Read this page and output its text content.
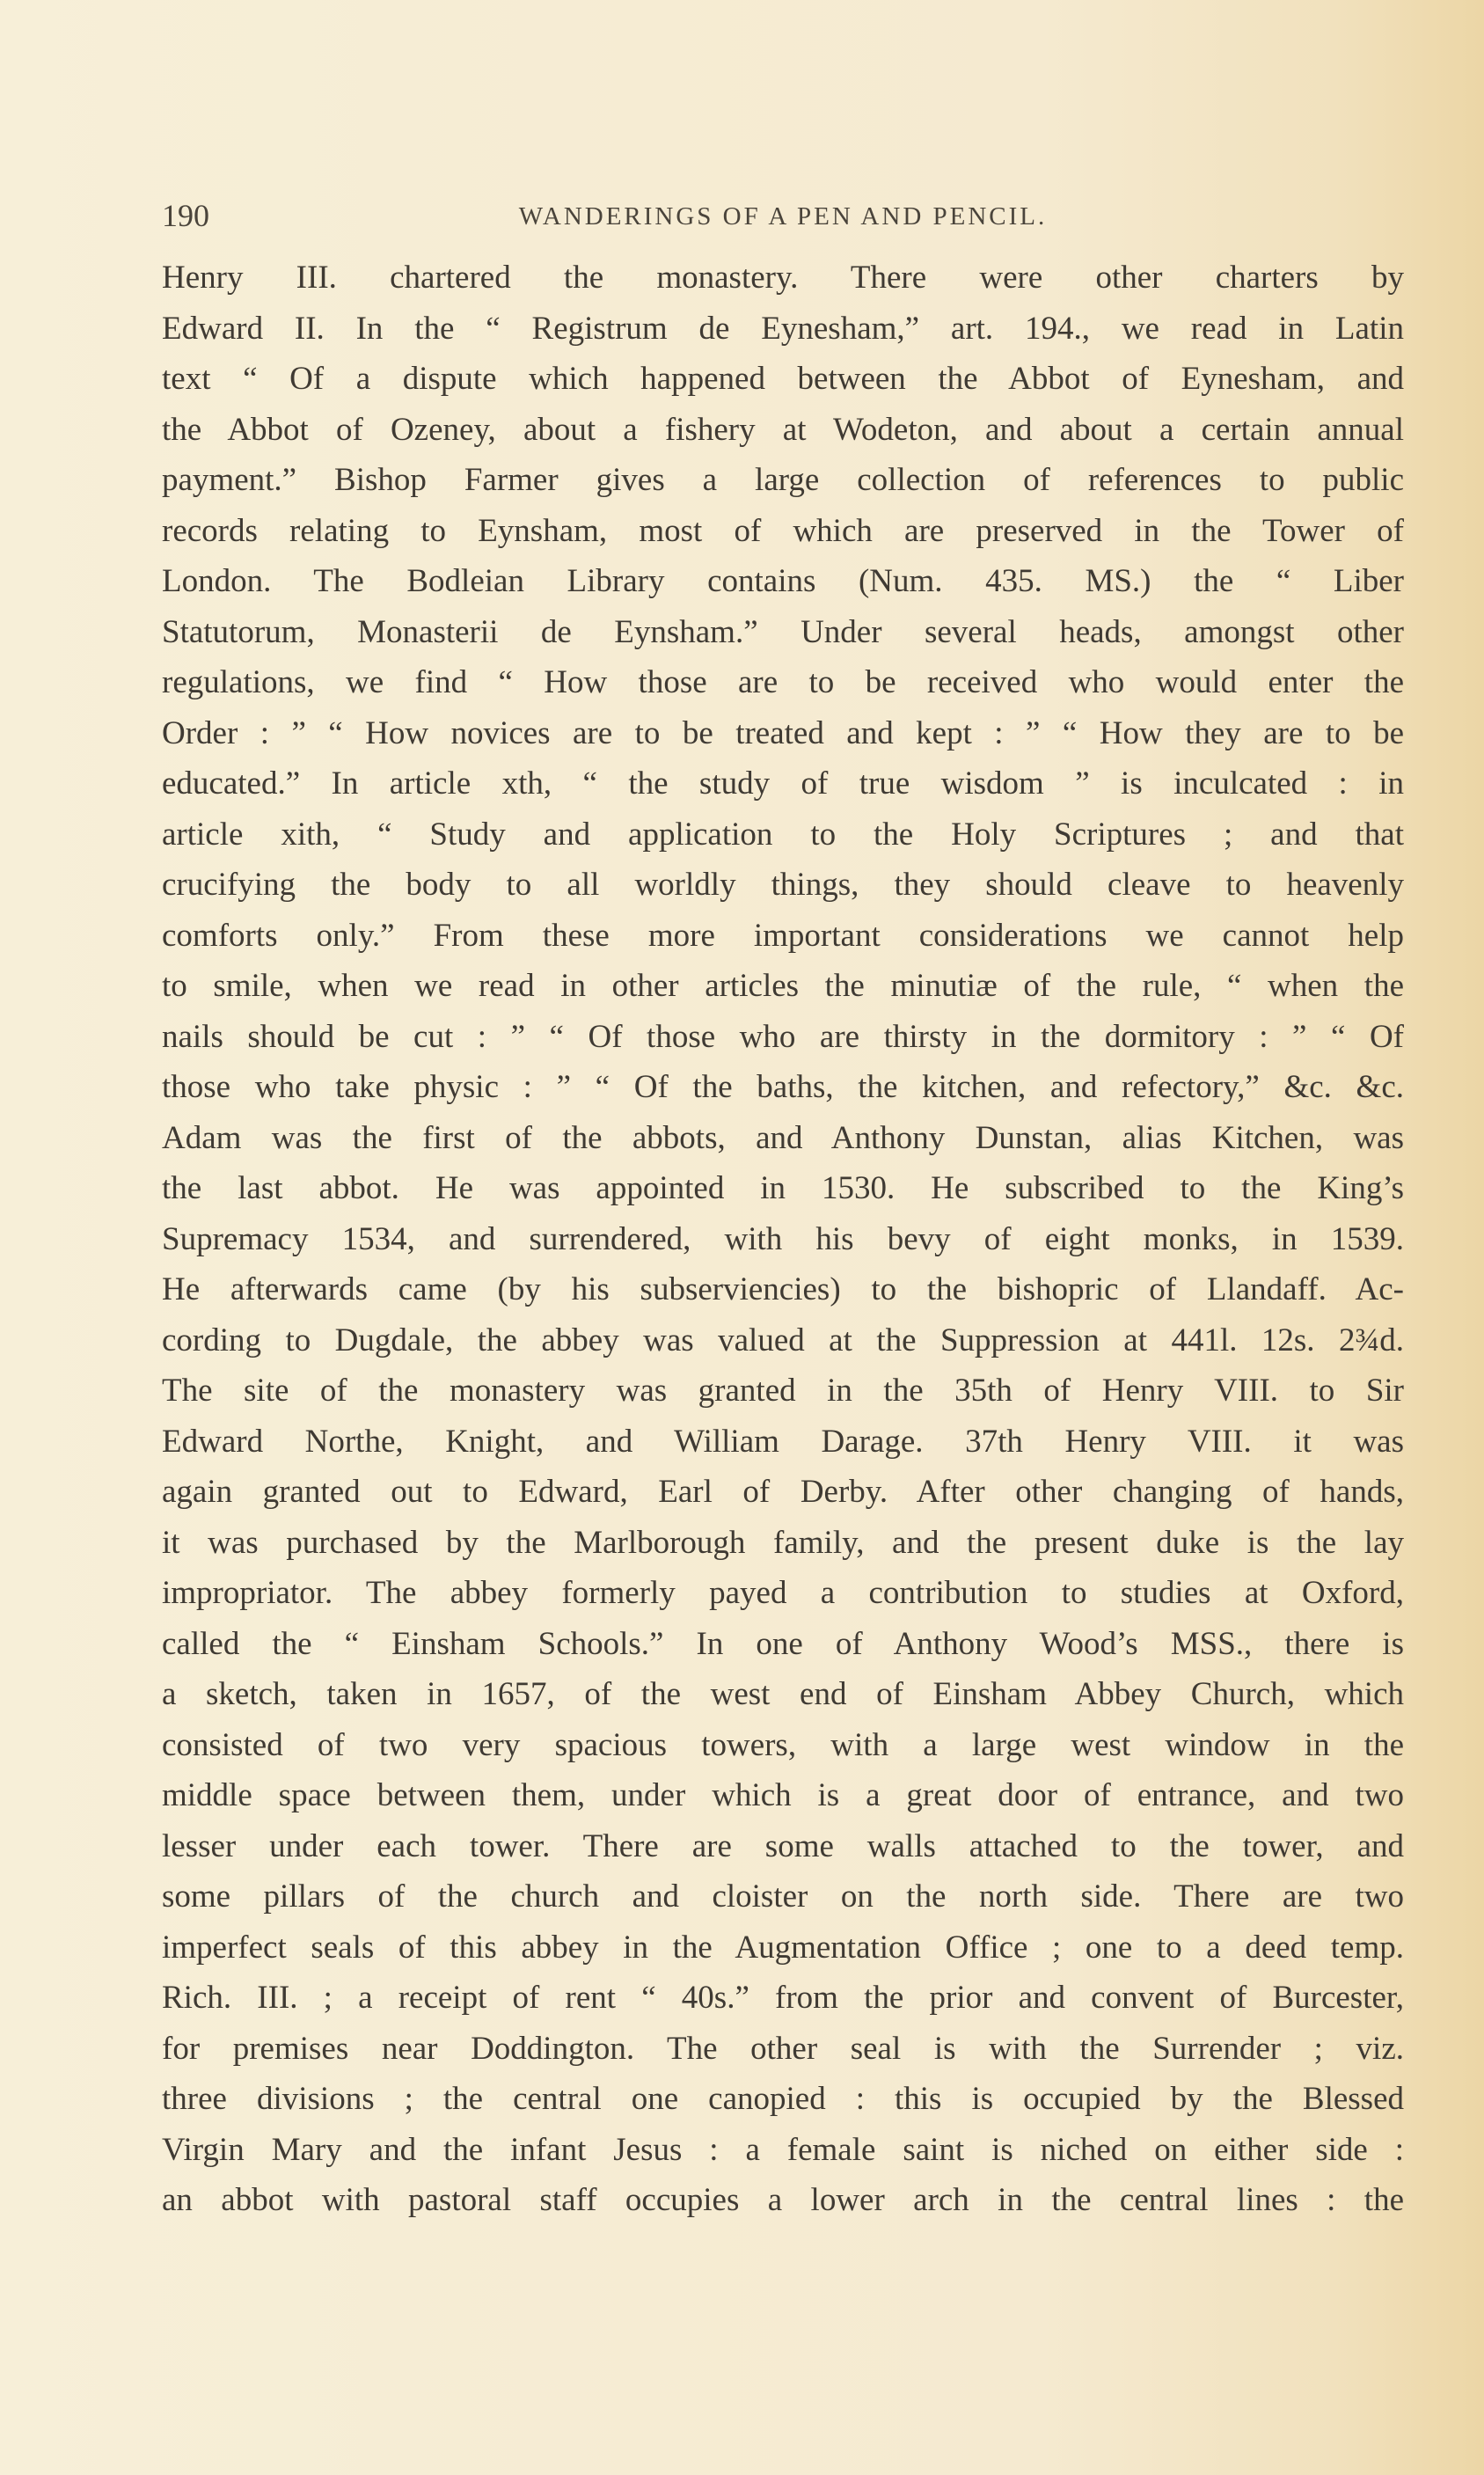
190	WANDERINGS OF A PEN AND PENCIL.
Henry III. chartered the monastery. There were other charters by
Edward II. In the “ Registrum de Eynesham,” art. 194., we read in Latin
text “ Of a dispute which happened between the Abbot of Eynesham, and
the Abbot of Ozeney, about a fishery at Wodeton, and about a certain annual
payment.” Bishop Farmer gives a large collection of references to public
records relating to Eynsham, most of which are preserved in the Tower of
London. The Bodleian Library contains (Num. 435. MS.) the “ Liber
Statutorum, Monasterii de Eynsham.” Under several heads, amongst other
regulations, we find “ How those are to be received who would enter the
Order : ” “ How novices are to be treated and kept : ” “ How they are to be
educated.” In article xth, “ the study of true wisdom ” is inculcated : in
article xith, “ Study and application to the Holy Scriptures ; and that
crucifying the body to all worldly things, they should cleave to heavenly
comforts only.” From these more important considerations we cannot help
to smile, when we read in other articles the minutiæ of the rule, “ when the
nails should be cut : ” “ Of those who are thirsty in the dormitory : ” “ Of
those who take physic : ” “ Of the baths, the kitchen, and refectory,” &c. &c.
Adam was the first of the abbots, and Anthony Dunstan, alias Kitchen, was
the last abbot. He was appointed in 1530. He subscribed to the King’s
Supremacy 1534, and surrendered, with his bevy of eight monks, in 1539.
He afterwards came (by his subserviencies) to the bishopric of Llandaff. Ac-
cording to Dugdale, the abbey was valued at the Suppression at 441l. 12s. 2¾d.
The site of the monastery was granted in the 35th of Henry VIII. to Sir
Edward Northe, Knight, and William Darage. 37th Henry VIII. it was
again granted out to Edward, Earl of Derby. After other changing of hands,
it was purchased by the Marlborough family, and the present duke is the lay
impropriator. The abbey formerly payed a contribution to studies at Oxford,
called the “ Einsham Schools.” In one of Anthony Wood’s MSS., there is
a sketch, taken in 1657, of the west end of Einsham Abbey Church, which
consisted of two very spacious towers, with a large west window in the
middle space between them, under which is a great door of entrance, and two
lesser under each tower. There are some walls attached to the tower, and
some pillars of the church and cloister on the north side. There are two
imperfect seals of this abbey in the Augmentation Office ; one to a deed temp.
Rich. III. ; a receipt of rent “ 40s.” from the prior and convent of Burcester,
for premises near Doddington. The other seal is with the Surrender ; viz.
three divisions ; the central one canopied : this is occupied by the Blessed
Virgin Mary and the infant Jesus : a female saint is niched on either side :
an abbot with pastoral staff occupies a lower arch in the central lines : the
